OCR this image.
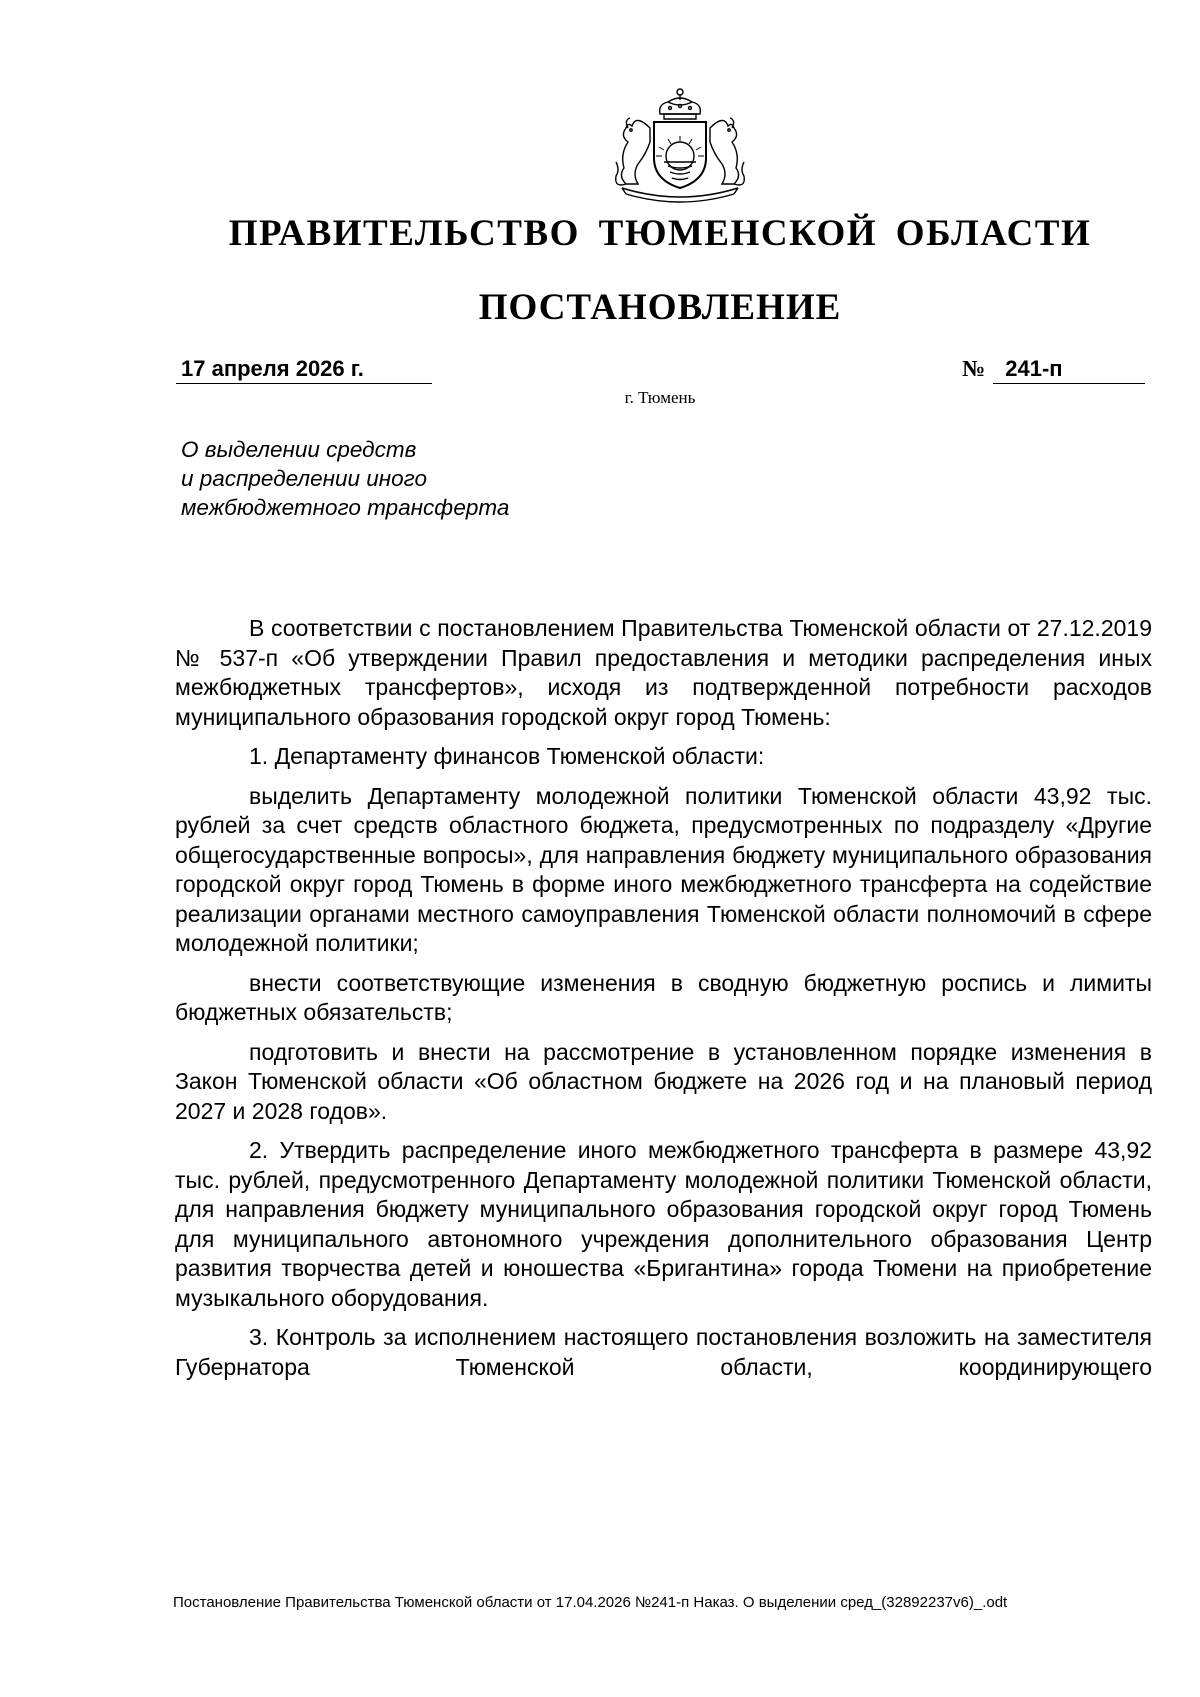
ПРАВИТЕЛЬСТВО ТЮМЕНСКОЙ ОБЛАСТИ
ПОСТАНОВЛЕНИЕ
17 апреля 2026 г.	№ 241-п
г. Тюмень
О выделении средств
и распределении иного
межбюджетного трансферта

В соответствии с постановлением Правительства Тюменской области от 27.12.2019 № 537-п «Об утверждении Правил предоставления и методики распределения иных межбюджетных трансфертов», исходя из подтвержденной потребности расходов муниципального образования городской округ город Тюмень:

1. Департаменту финансов Тюменской области:

выделить Департаменту молодежной политики Тюменской области 43,92 тыс. рублей за счет средств областного бюджета, предусмотренных по подразделу «Другие общегосударственные вопросы», для направления бюджету муниципального образования городской округ город Тюмень в форме иного межбюджетного трансферта на содействие реализации органами местного самоуправления Тюменской области полномочий в сфере молодежной политики;

внести соответствующие изменения в сводную бюджетную роспись и лимиты бюджетных обязательств;

подготовить и внести на рассмотрение в установленном порядке изменения в Закон Тюменской области «Об областном бюджете на 2026 год и на плановый период 2027 и 2028 годов».

2. Утвердить распределение иного межбюджетного трансферта в размере 43,92 тыс. рублей, предусмотренного Департаменту молодежной политики Тюменской области, для направления бюджету муниципального образования городской округ город Тюмень для муниципального автономного учреждения дополнительного образования Центр развития творчества детей и юношества «Бригантина» города Тюмени на приобретение музыкального оборудования.

3. Контроль за исполнением настоящего постановления возложить на заместителя Губернатора Тюменской области, координирующего

Постановление Правительства Тюменской области от 17.04.2026 №241-п Наказ. О выделении сред_(32892237v6)_.odt
